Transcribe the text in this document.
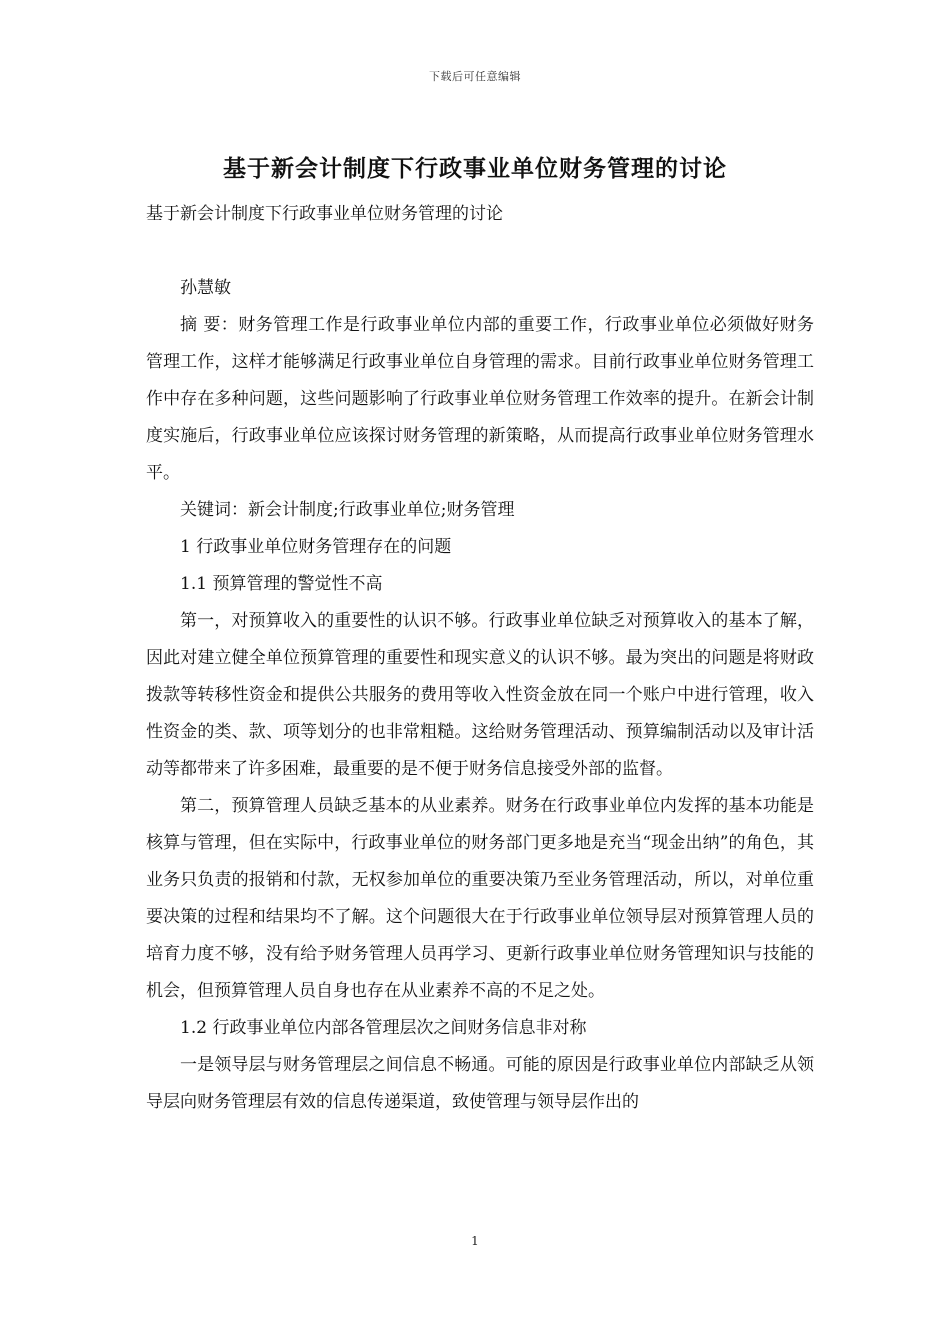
下载后可任意编辑
基于新会计制度下行政事业单位财务管理的讨论

基于新会计制度下行政事业单位财务管理的讨论

孙慧敏

摘 要：财务管理工作是行政事业单位内部的重要工作，行政事业单位必须做好财务管理工作，这样才能够满足行政事业单位自身管理的需求。目前行政事业单位财务管理工作中存在多种问题，这些问题影响了行政事业单位财务管理工作效率的提升。在新会计制度实施后，行政事业单位应该探讨财务管理的新策略，从而提高行政事业单位财务管理水平。

关键词：新会计制度;行政事业单位;财务管理

1 行政事业单位财务管理存在的问题

1.1 预算管理的警觉性不高

第一，对预算收入的重要性的认识不够。行政事业单位缺乏对预算收入的基本了解，因此对建立健全单位预算管理的重要性和现实意义的认识不够。最为突出的问题是将财政拨款等转移性资金和提供公共服务的费用等收入性资金放在同一个账户中进行管理，收入性资金的类、款、项等划分的也非常粗糙。这给财务管理活动、预算编制活动以及审计活动等都带来了许多困难，最重要的是不便于财务信息接受外部的监督。

第二，预算管理人员缺乏基本的从业素养。财务在行政事业单位内发挥的基本功能是核算与管理，但在实际中，行政事业单位的财务部门更多地是充当“现金出纳”的角色，其业务只负责的报销和付款，无权参加单位的重要决策乃至业务管理活动，所以，对单位重要决策的过程和结果均不了解。这个问题很大在于行政事业单位领导层对预算管理人员的培育力度不够，没有给予财务管理人员再学习、更新行政事业单位财务管理知识与技能的机会，但预算管理人员自身也存在从业素养不高的不足之处。

1.2 行政事业单位内部各管理层次之间财务信息非对称

一是领导层与财务管理层之间信息不畅通。可能的原因是行政事业单位内部缺乏从领导层向财务管理层有效的信息传递渠道，致使管理与领导层作出的

1
